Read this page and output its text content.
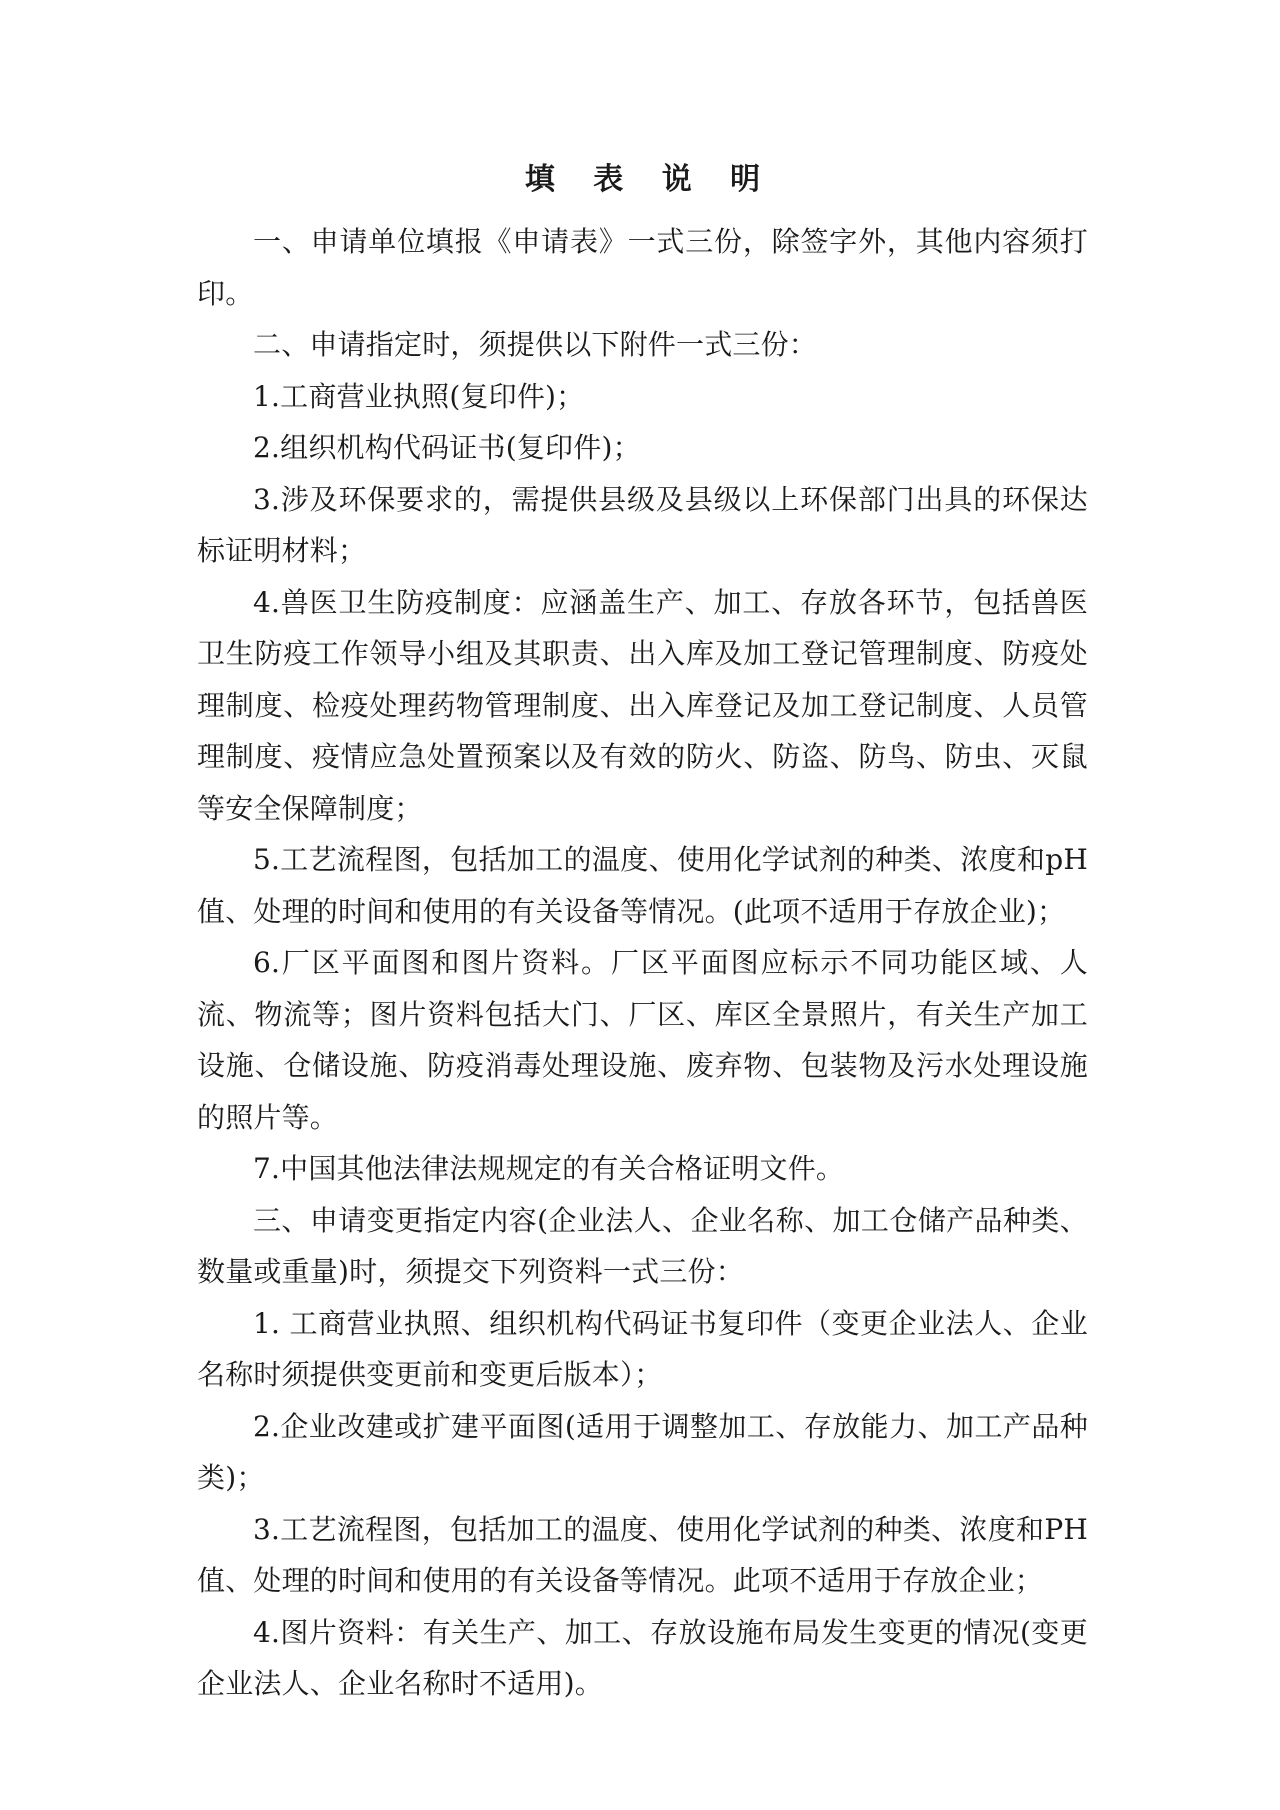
填 表 说 明

一、申请单位填报《申请表》一式三份，除签字外，其他内容须打印。

二、申请指定时，须提供以下附件一式三份：

1.工商营业执照(复印件)；

2.组织机构代码证书(复印件)；

3.涉及环保要求的，需提供县级及县级以上环保部门出具的环保达标证明材料；

4.兽医卫生防疫制度：应涵盖生产、加工、存放各环节，包括兽医卫生防疫工作领导小组及其职责、出入库及加工登记管理制度、防疫处理制度、检疫处理药物管理制度、出入库登记及加工登记制度、人员管理制度、疫情应急处置预案以及有效的防火、防盗、防鸟、防虫、灭鼠等安全保障制度；

5.工艺流程图，包括加工的温度、使用化学试剂的种类、浓度和pH值、处理的时间和使用的有关设备等情况。(此项不适用于存放企业)；

6.厂区平面图和图片资料。厂区平面图应标示不同功能区域、人流、物流等；图片资料包括大门、厂区、库区全景照片，有关生产加工设施、仓储设施、防疫消毒处理设施、废弃物、包装物及污水处理设施的照片等。

7.中国其他法律法规规定的有关合格证明文件。

三、申请变更指定内容(企业法人、企业名称、加工仓储产品种类、数量或重量)时，须提交下列资料一式三份：

1. 工商营业执照、组织机构代码证书复印件（变更企业法人、企业名称时须提供变更前和变更后版本）；

2.企业改建或扩建平面图(适用于调整加工、存放能力、加工产品种类)；

3.工艺流程图，包括加工的温度、使用化学试剂的种类、浓度和PH值、处理的时间和使用的有关设备等情况。此项不适用于存放企业；

4.图片资料：有关生产、加工、存放设施布局发生变更的情况(变更企业法人、企业名称时不适用)。
